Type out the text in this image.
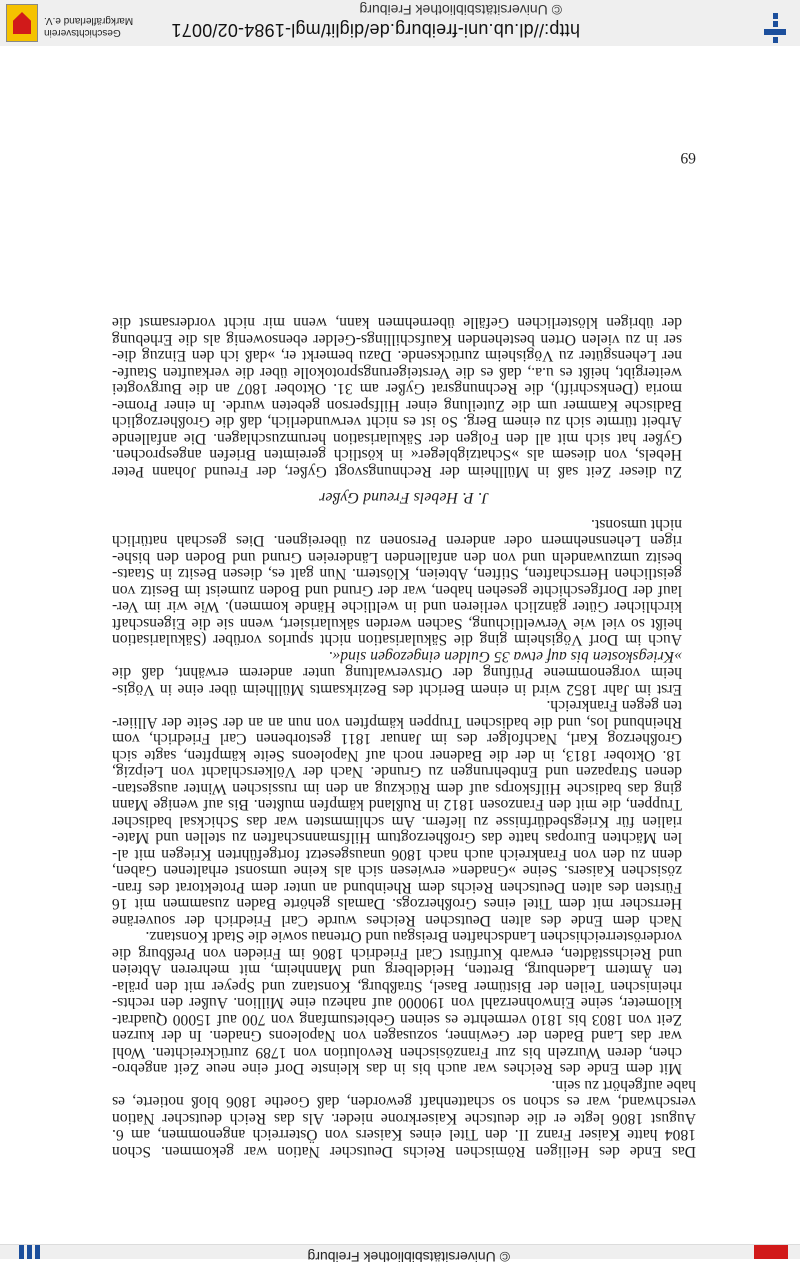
© Universitätsbibliothek Freiburg

Das Ende des Heiligen Römischen Reichs Deutscher Nation war gekommen. Schon
1804 hatte Kaiser Franz II. den Titel eines Kaisers von Österreich angenommen, am 6.
August 1806 legte er die deutsche Kaiserkrone nieder. Als das Reich deutscher Nation
verschwand, war es schon so schattenhaft geworden, daß Goethe 1806 bloß notierte, es
habe aufgehört zu sein.

Mit dem Ende des Reiches war auch bis in das kleinste Dorf eine neue Zeit angebro-
chen, deren Wurzeln bis zur Französischen Revolution von 1789 zurückreichten. Wohl
war das Land Baden der Gewinner, sozusagen von Napoleons Gnaden. In der kurzen
Zeit von 1803 bis 1810 vermehrte es seinen Gebietsumfang von 700 auf 15000 Quadrat-
kilometer, seine Einwohnerzahl von 190000 auf nahezu eine Million. Außer den rechts-
rheinischen Teilen der Bistümer Basel, Straßburg, Konstanz und Speyer mit den präla-
ten Ämtern Ladenburg, Bretten, Heidelberg und Mannheim, mit mehreren Abteien
und Reichsstädten, erwarb Kurfürst Carl Friedrich 1806 im Frieden von Preßburg die
vorderösterreichischen Landschaften Breisgau und Ortenau sowie die Stadt Konstanz.

Nach dem Ende des alten Deutschen Reiches wurde Carl Friedrich der souveräne
Herrscher mit dem Titel eines Großherzogs. Damals gehörte Baden zusammen mit 16
Fürsten des alten Deutschen Reichs dem Rheinbund an unter dem Protektorat des fran-
zösischen Kaisers. Seine »Gnaden« erwiesen sich als keine umsonst erhaltenen Gaben,
denn zu den von Frankreich auch nach 1806 unausgesetzt fortgeführten Kriegen mit al-
len Mächten Europas hatte das Großherzogtum Hilfsmannschaften zu stellen und Mate-
rialien für Kriegsbedürfnisse zu liefern. Am schlimmsten war das Schicksal badischer
Truppen, die mit den Franzosen 1812 in Rußland kämpfen mußten. Bis auf wenige Mann
ging das badische Hilfskorps auf dem Rückzug an den im russischen Winter ausgestan-
denen Strapazen und Entbehrungen zu Grunde. Nach der Völkerschlacht von Leipzig,
18. Oktober 1813, in der die Badener noch auf Napoleons Seite kämpften, sagte sich
Großherzog Karl, Nachfolger des im Januar 1811 gestorbenen Carl Friedrich, vom
Rheinbund los, und die badischen Truppen kämpften von nun an an der Seite der Alliier-
ten gegen Frankreich.

Erst im Jahr 1852 wird in einem Bericht des Bezirksamts Müllheim über eine in Vögis-
heim vorgenommene Prüfung der Ortsverwaltung unter anderem erwähnt, daß die
»Kriegskosten bis auf etwa 35 Gulden eingezogen sind«.

Auch im Dorf Vögisheim ging die Säkularisation nicht spurlos vorüber (Säkularisation
heißt so viel wie Verweltlichung, Sachen werden säkularisiert, wenn sie die Eigenschaft
kirchlicher Güter gänzlich verlieren und in weltliche Hände kommen). Wie wir im Ver-
lauf der Dorfgeschichte gesehen haben, war der Grund und Boden zumeist im Besitz von
geistlichen Herrschaften, Stiften, Abteien, Klöstern. Nun galt es, diesen Besitz in Staats-
besitz umzuwandeln und von den anfallenden Ländereien Grund und Boden den bishe-
rigen Lehensnehmern oder anderen Personen zu übereignen. Dies geschah natürlich
nicht umsonst.

J. P. Hebels Freund Gyßer

Zu dieser Zeit saß in Müllheim der Rechnungsvogt Gyßer, der Freund Johann Peter
Hebels, von diesem als »Schatzigbleger« in köstlich gereimten Briefen angesprochen.
Gyßer hat sich mit all den Folgen der Säkularisation herumzuschlagen. Die anfallende
Arbeit türmte sich zu einem Berg. So ist es nicht verwunderlich, daß die Großherzoglich
Badische Kammer um die Zuteilung einer Hilfsperson gebeten wurde. In einer Prome-
moria (Denkschrift), die Rechnungsrat Gyßer am 31. Oktober 1807 an die Burgvogtei
weitergibt, heißt es u.a., daß es die Versteigerungsprotokolle über die verkauften Staufe-
ner Lehensgüter zu Vögisheim zurücksende. Dazu bemerkt er, »daß ich den Einzug die-
ser in zu vielen Orten bestehenden Kaufschillings-Gelder ebensowenig als die Erhebung
der übrigen klösterlichen Gefälle übernehmen kann, wenn mir nicht vordersamst die

69
http://dl.ub.uni-freiburg.de/diglit/mgl-1984-02/0071
© Universitätsbibliothek Freiburg
Geschichtsverein
Markgräflerland e.V.
